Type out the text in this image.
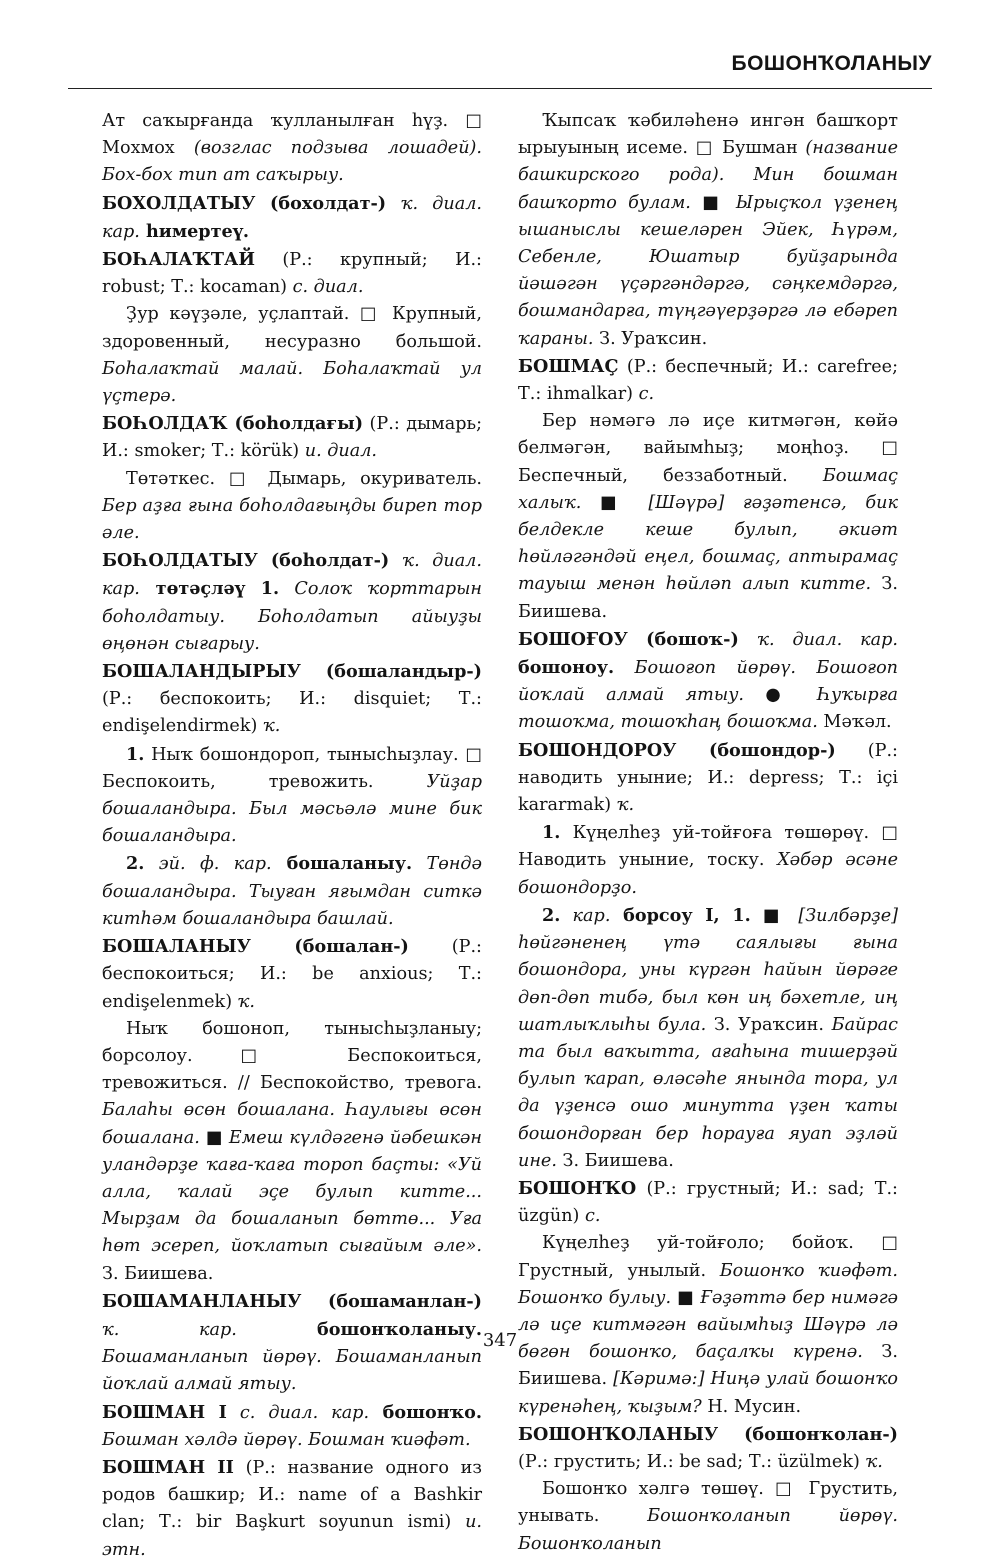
БОШОНҠОЛАНЫУ

Ат саҡырғанда ҡулланылған һүҙ. □ Мохмох (возглас подзыва лошадей). Бох-бох тип ат саҡырыу.

БОХОЛДАТЫУ (бохолдат-) ҡ. диал. кар. һимертеү.

БОҺАЛАҠТАЙ (Р.: крупный; И.: robust; Т.: kocaman) с. диал.

Ҙур кәүҙәле, уҫлаптай. □ Крупный, здоровенный, несуразно большой. Боһалаҡтай малай. Боһалаҡтай ул үҫтерә.

БОҺОЛДАҠ (боһолдағы) (Р.: дымарь; И.: smoker; Т.: körük) и. диал.

Төтәткес. □ Дымарь, окуриватель. Бер аҙға ғына боһолдағыңды биреп тор әле.

БОҺОЛДАТЫУ (боһолдат-) ҡ. диал. кар. төтәҫләү 1. Солоҡ ҡорттарын боһолдатыу. Боһолдатып айыуҙы өңөнән сығарыу.

БОШАЛАНДЫРЫУ (бошаландыр-) (Р.: беспокоить; И.: disquiet; Т.: endişelendirmek) ҡ.

1. Ныҡ бошондороп, тынысһыҙлау. □ Беспокоить, тревожить. Уйҙар бошаландыра. Был мәсьәлә мине бик бошаландыра.

2. эй. ф. кар. бошаланыу. Төндә бошаландыра. Тыуған яғымдан ситкә китһәм бошаландыра башлай.

БОШАЛАНЫУ (бошалан-) (Р.: беспокоиться; И.: be anxious; Т.: endişelenmek) ҡ.

Ныҡ бошоноп, тынысһыҙланыу; борсолоу. □ Беспокоиться, тревожиться. // Беспокойство, тревога. Балаһы өсөн бошалана. Һаулығы өсөн бошалана. ■ Емеш күлдәгенә йәбешкән уландәрҙе ҡаға-ҡаға тороп баҫты: «Уй алла, ҡалай эҫе булып китте... Мырҙам да бошаланып бөттө... Уға һөт эсереп, йоҡлатып сығайым әле». З. Биишева.

БОШАМАНЛАНЫУ (бошаманлан-) ҡ. кар. бошонҡоланыу. Бошаманланып йөрөү. Бошаманланып йоҡлай алмай ятыу.

БОШМАН I с. диал. кар. бошонҡо. Бошман хәлдә йөрөү. Бошман ҡиәфәт.

БОШМАН II (Р.: название одного из родов башкир; И.: name of a Bashkir clan; Т.: bir Başkurt soyunun ismi) и. этн.

Ҡыпсаҡ ҡәбиләһенә ингән башҡорт ырыуының исеме. □ Бушман (название башкирского рода). Мин бошман башҡорто булам. ■ Ырыҫҡол үҙенең ышаныслы кешеләрен Эйек, Һүрәм, Себенле, Юшатыр буйҙарында йәшәгән үҫәргәндәргә, сәңкемдәргә, бошмандарға, түңгәүерҙәргә лә ебәреп ҡараны. З. Ураҡсин.

БОШМАҪ (Р.: беспечный; И.: carefree; Т.: ihmalkar) с.

Бер нәмәгә лә иҫе китмәгән, көйә белмәгән, вайымһыҙ; моңһоҙ. □ Беспечный, беззаботный. Бошмаҫ халыҡ. ■ [Шәүрә] ғәҙәтенсә, бик белдекле кеше булып, әкиәт һөйләгәндәй еңел, бошмаҫ, аптырамаҫ тауыш менән һөйләп алып китте. З. Биишева.

БОШОҒОУ (бошоҡ-) ҡ. диал. кар. бошоноу. Бошоғоп йөрөү. Бошоғоп йоҡлай алмай ятыу. ● Һуҡырға тошоҡма, тошоҡһаң бошоҡма. Мәҡәл.

БОШОНДОРОУ (бошондор-) (Р.: наводить уныние; И.: depress; Т.: içi kararmak) ҡ.

1. Күңелһеҙ уй-тойғоға төшөрөү. □ Наводить уныние, тоску. Хәбәр әсәне бошондорҙо.

2. кар. борсоу I, 1. ■ [Зилбәрҙе] һөйгәненең үтә саялығы ғына бошондора, уны күргән һайын йөрәге дөп-дөп тибә, был көн иң бәхетле, иң шатлыҡлыһы була. З. Ураҡсин. Байрас та был ваҡытта, ағаһына тишерҙәй булып ҡарап, өләсәһе янында тора, ул да үҙенсә ошо минутта үҙен ҡаты бошондорған бер һорауға яуап эҙләй ине. З. Биишева.

БОШОНҠО (Р.: грустный; И.: sad; Т.: üzgün) с.

Күңелһеҙ уй-тойғоло; бойоҡ. □ Грустный, унылый. Бошонҡо ҡиәфәт. Бошонҡо булыу. ■ Ғәҙәттә бер нимәгә лә иҫе китмәгән вайымһыҙ Шәүрә лә бөгөн бошонҡо, баҫалҡы күренә. З. Биишева. [Кәримә:] Ниңә улай бошонҡо күренәһең, ҡыҙым? Н. Мусин.

БОШОНҠОЛАНЫУ (бошонҡолан-) (Р.: грустить; И.: be sad; Т.: üzülmek) ҡ.

Бошонҡо хәлгә төшөү. □ Грустить, унывать. Бошонҡоланып йөрөү. Бошонҡоланып

347
